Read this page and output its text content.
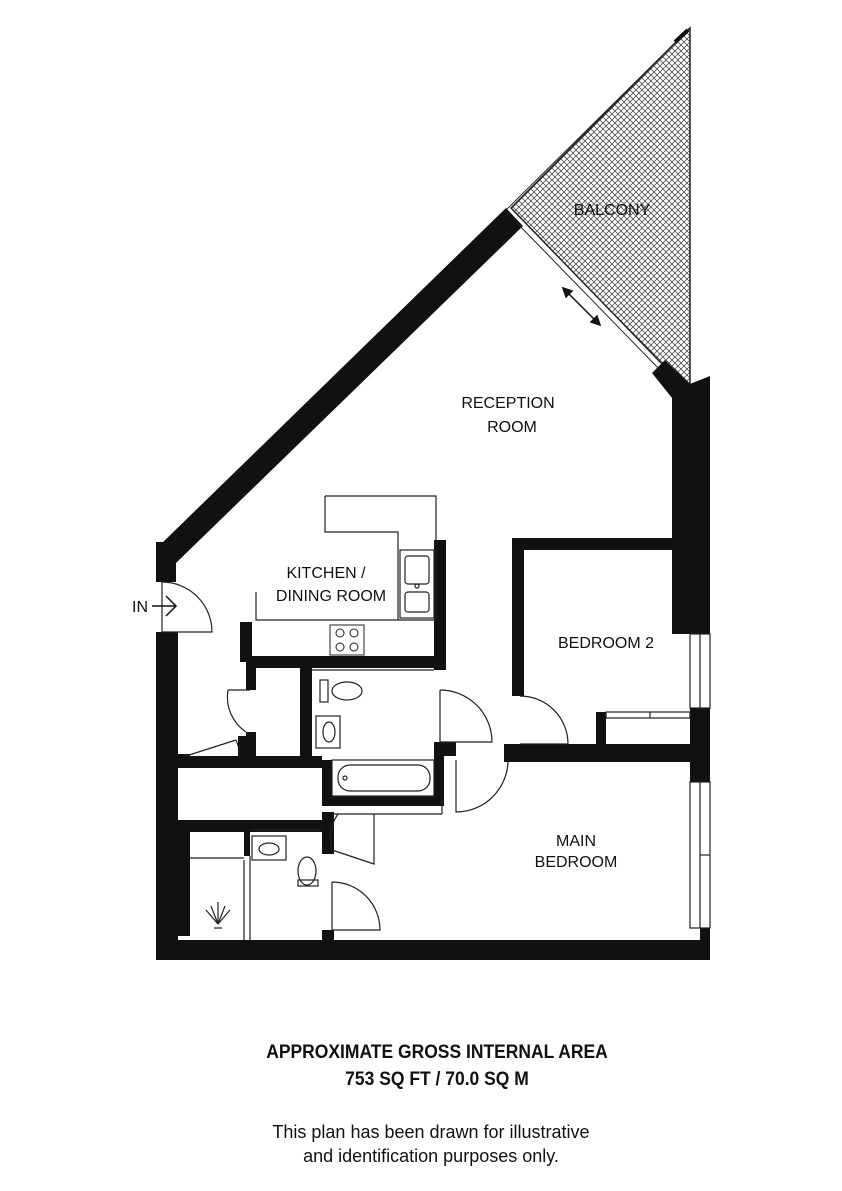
IN
BALCONY
RECEPTION
ROOM
KITCHEN /
DINING ROOM
BEDROOM 2
MAIN
BEDROOM
APPROXIMATE GROSS INTERNAL AREA
753 SQ FT / 70.0 SQ M
This plan has been drawn for illustrative
and identification purposes only.
